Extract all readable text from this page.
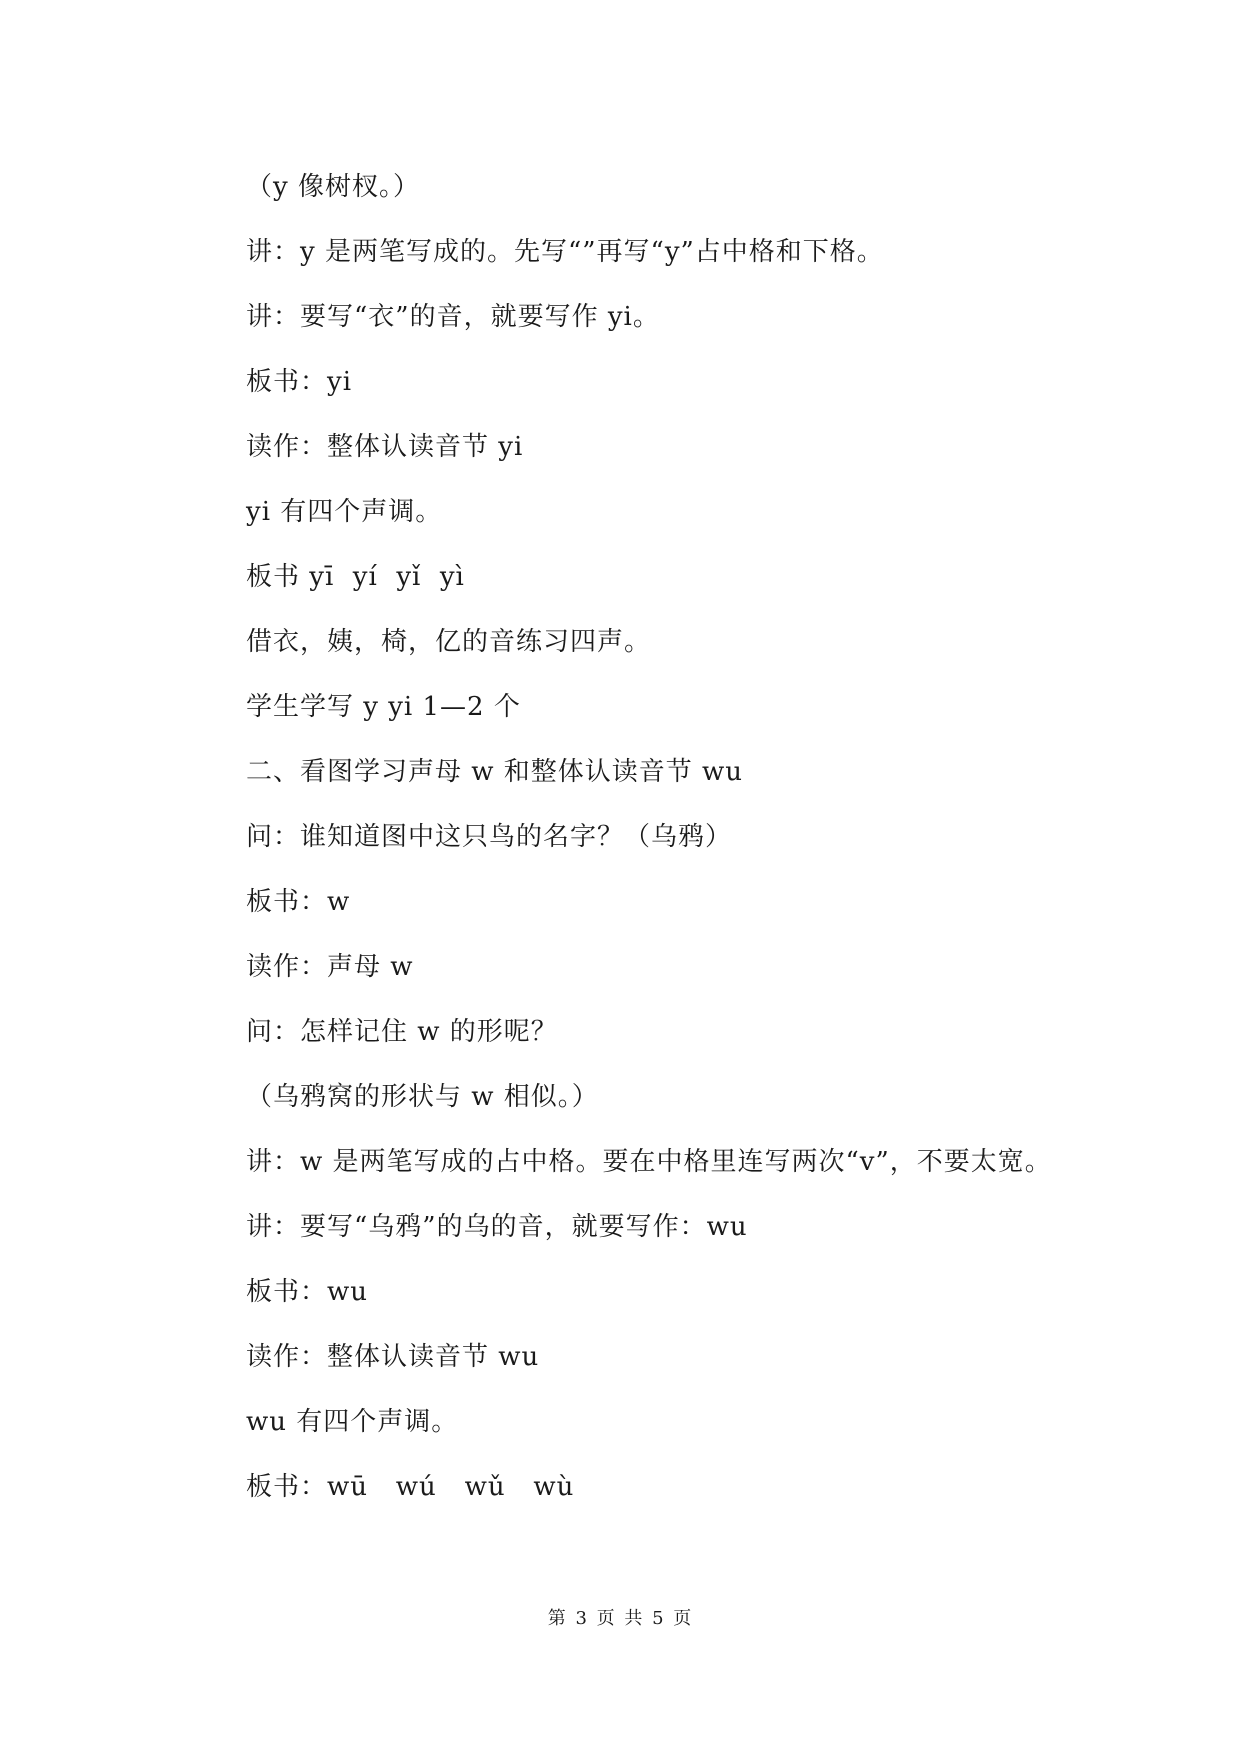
（y 像树杈。）

讲：y 是两笔写成的。先写“”再写“y”占中格和下格。

讲：要写“衣”的音，就要写作 yi。

板书：yi

读作：整体认读音节 yi

yi 有四个声调。

板书 yī  yí  yǐ  yì

借衣，姨，椅，亿的音练习四声。

学生学写 y yi 1—2 个

二、看图学习声母 w 和整体认读音节 wu

问：谁知道图中这只鸟的名字？（乌鸦）

板书：w

读作：声母 w

问：怎样记住 w 的形呢？

（乌鸦窝的形状与 w 相似。）

讲：w 是两笔写成的占中格。要在中格里连写两次“v”，不要太宽。

讲：要写“乌鸦”的乌的音，就要写作：wu

板书：wu

读作：整体认读音节 wu

wu 有四个声调。

板书：wū   wú   wǔ   wù

第 3 页 共 5 页
